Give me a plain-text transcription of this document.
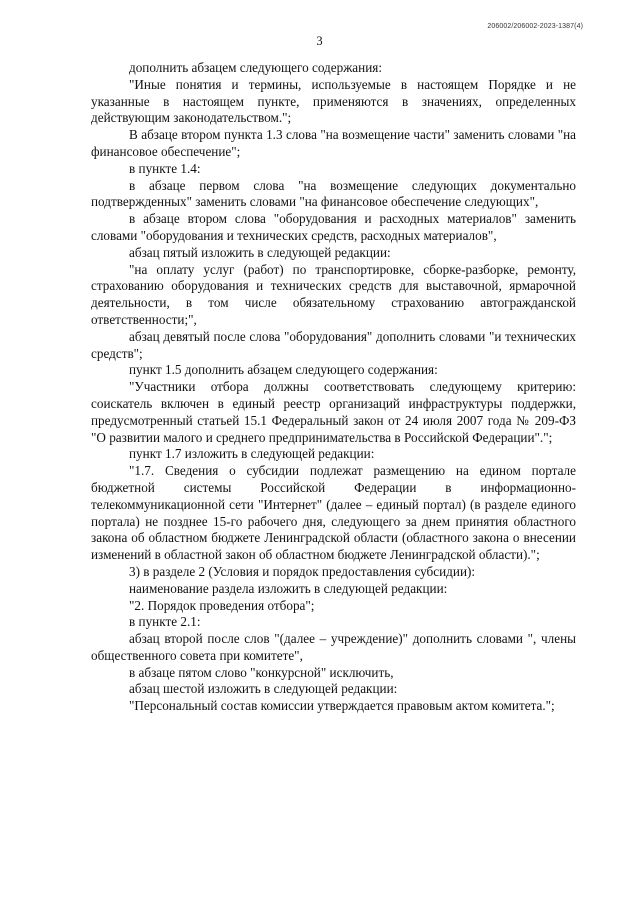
206002/206002-2023-1387(4)
3

дополнить абзацем следующего содержания:

"Иные понятия и термины, используемые в настоящем Порядке и не указанные в настоящем пункте, применяются в значениях, определенных действующим законодательством.";

В абзаце втором пункта 1.3 слова "на возмещение части" заменить словами "на финансовое обеспечение";

в пункте 1.4:

в абзаце первом слова "на возмещение следующих документально подтвержденных" заменить словами "на финансовое обеспечение следующих",

в абзаце втором слова "оборудования и расходных материалов" заменить словами "оборудования и технических средств, расходных материалов",

абзац пятый изложить в следующей редакции:

"на оплату услуг (работ) по транспортировке, сборке-разборке, ремонту, страхованию оборудования и технических средств для выставочной, ярмарочной деятельности, в том числе обязательному страхованию автогражданской ответственности;",

абзац девятый после слова "оборудования" дополнить словами "и технических средств";

пункт 1.5 дополнить абзацем следующего содержания:

"Участники отбора должны соответствовать следующему критерию: соискатель включен в единый реестр организаций инфраструктуры поддержки, предусмотренный статьей 15.1 Федеральный закон от 24 июля 2007 года № 209-ФЗ "О развитии малого и среднего предпринимательства в Российской Федерации".";

пункт 1.7 изложить в следующей редакции:

"1.7. Сведения о субсидии подлежат размещению на едином портале бюджетной системы Российской Федерации в информационно-телекоммуникационной сети "Интернет" (далее – единый портал) (в разделе единого портала) не позднее 15-го рабочего дня, следующего за днем принятия областного закона об областном бюджете Ленинградской области (областного закона о внесении изменений в областной закон об областном бюджете Ленинградской области).";

3) в разделе 2 (Условия и порядок предоставления субсидии):

наименование раздела изложить в следующей редакции:

"2. Порядок проведения отбора";

в пункте 2.1:

абзац второй после слов "(далее – учреждение)" дополнить словами ", члены общественного совета при комитете",

в абзаце пятом слово "конкурсной" исключить,

абзац шестой изложить в следующей редакции:

"Персональный состав комиссии утверждается правовым актом комитета.";
